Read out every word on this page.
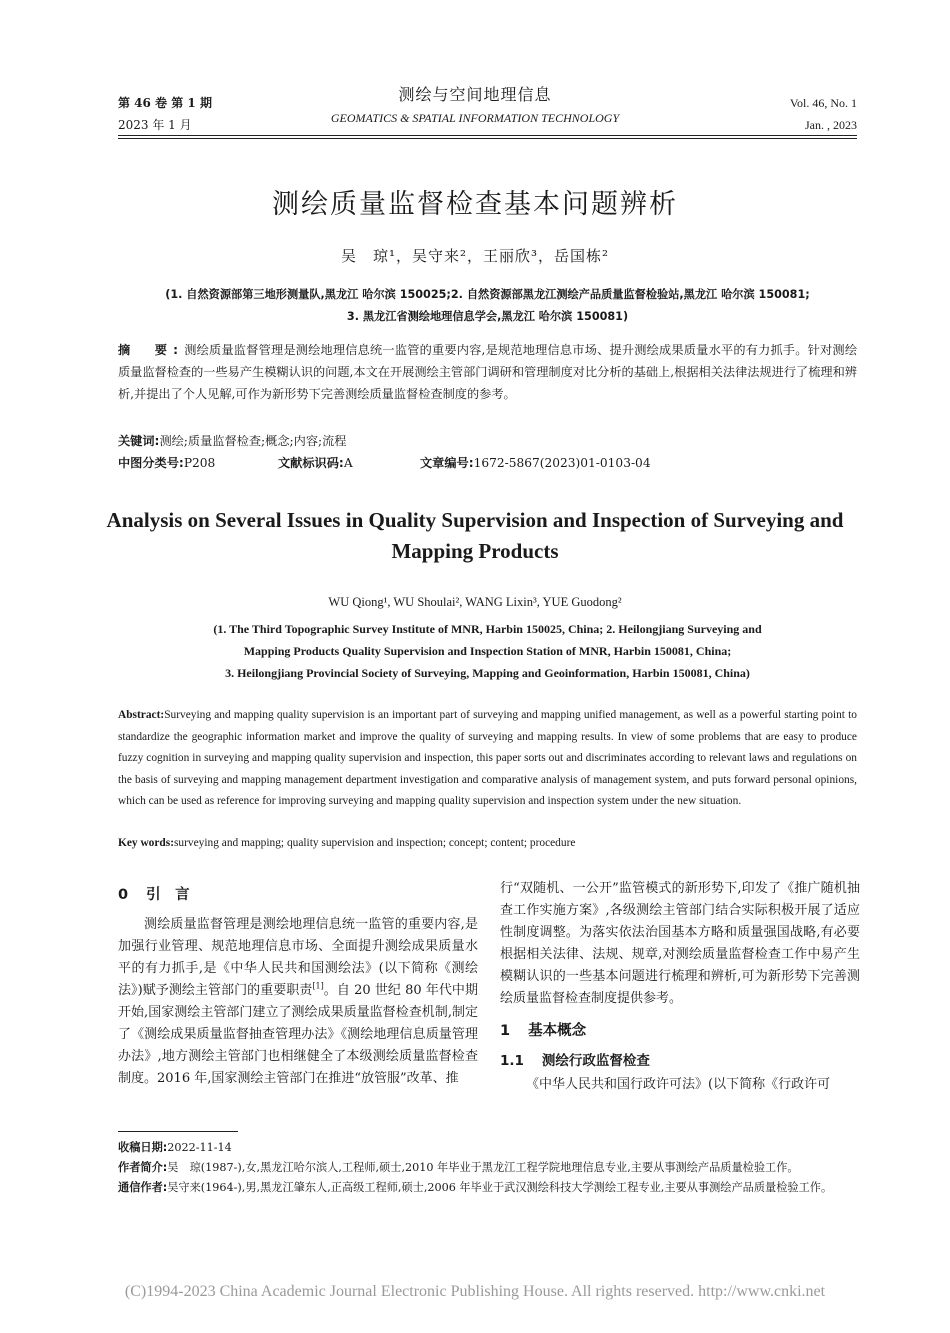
第 46 卷 第 1 期
2023 年 1 月
测绘与空间地理信息
GEOMATICS & SPATIAL INFORMATION TECHNOLOGY
Vol. 46, No. 1
Jan. , 2023
测绘质量监督检查基本问题辨析
吴　琼¹，吴守来²，王丽欣³，岳国栋²
(1. 自然资源部第三地形测量队,黑龙江 哈尔滨 150025;2. 自然资源部黑龙江测绘产品质量监督检验站,黑龙江 哈尔滨 150081;
3. 黑龙江省测绘地理信息学会,黑龙江 哈尔滨 150081)
摘　要:测绘质量监督管理是测绘地理信息统一监管的重要内容,是规范地理信息市场、提升测绘成果质量水平的有力抓手。针对测绘质量监督检查的一些易产生模糊认识的问题,本文在开展测绘主管部门调研和管理制度对比分析的基础上,根据相关法律法规进行了梳理和辨析,并提出了个人见解,可作为新形势下完善测绘质量监督检查制度的参考。
关键词:测绘;质量监督检查;概念;内容;流程
中图分类号:P208	文献标识码:A	文章编号:1672-5867(2023)01-0103-04
Analysis on Several Issues in Quality Supervision and Inspection of Surveying and Mapping Products
WU Qiong¹, WU Shoulai², WANG Lixin³, YUE Guodong²
(1. The Third Topographic Survey Institute of MNR, Harbin 150025, China; 2. Heilongjiang Surveying and
Mapping Products Quality Supervision and Inspection Station of MNR, Harbin 150081, China;
3. Heilongjiang Provincial Society of Surveying, Mapping and Geoinformation, Harbin 150081, China)
Abstract:Surveying and mapping quality supervision is an important part of surveying and mapping unified management, as well as a powerful starting point to standardize the geographic information market and improve the quality of surveying and mapping results. In view of some problems that are easy to produce fuzzy cognition in surveying and mapping quality supervision and inspection, this paper sorts out and discriminates according to relevant laws and regulations on the basis of surveying and mapping management department investigation and comparative analysis of management system, and puts forward personal opinions, which can be used as reference for improving surveying and mapping quality supervision and inspection system under the new situation.
Key words:surveying and mapping; quality supervision and inspection; concept; content; procedure
0 引　言

测绘质量监督管理是测绘地理信息统一监管的重要内容,是加强行业管理、规范地理信息市场、全面提升测绘成果质量水平的有力抓手,是《中华人民共和国测绘法》(以下简称《测绘法》)赋予测绘主管部门的重要职责[1]。自 20 世纪 80 年代中期开始,国家测绘主管部门建立了测绘成果质量监督检查机制,制定了《测绘成果质量监督抽查管理办法》《测绘地理信息质量管理办法》,地方测绘主管部门也相继健全了本级测绘质量监督检查制度。2016 年,国家测绘主管部门在推进“放管服”改革、推

行“双随机、一公开”监管模式的新形势下,印发了《推广随机抽查工作实施方案》,各级测绘主管部门结合实际积极开展了适应性制度调整。为落实依法治国基本方略和质量强国战略,有必要根据相关法律、法规、规章,对测绘质量监督检查工作中易产生模糊认识的一些基本问题进行梳理和辨析,可为新形势下完善测绘质量监督检查制度提供参考。

1 基本概念
1.1 测绘行政监督检查

《中华人民共和国行政许可法》(以下简称《行政许可

收稿日期: 2022-11-14
作者简介: 吴　琼(1987-),女,黑龙江哈尔滨人,工程师,硕士,2010 年毕业于黑龙江工程学院地理信息专业,主要从事测绘产品质量检验工作。
通信作者: 吴守来(1964-),男,黑龙江肇东人,正高级工程师,硕士,2006 年毕业于武汉测绘科技大学测绘工程专业,主要从事测绘产品质量检验工作。
(C)1994-2023 China Academic Journal Electronic Publishing House. All rights reserved. http://www.cnki.net
